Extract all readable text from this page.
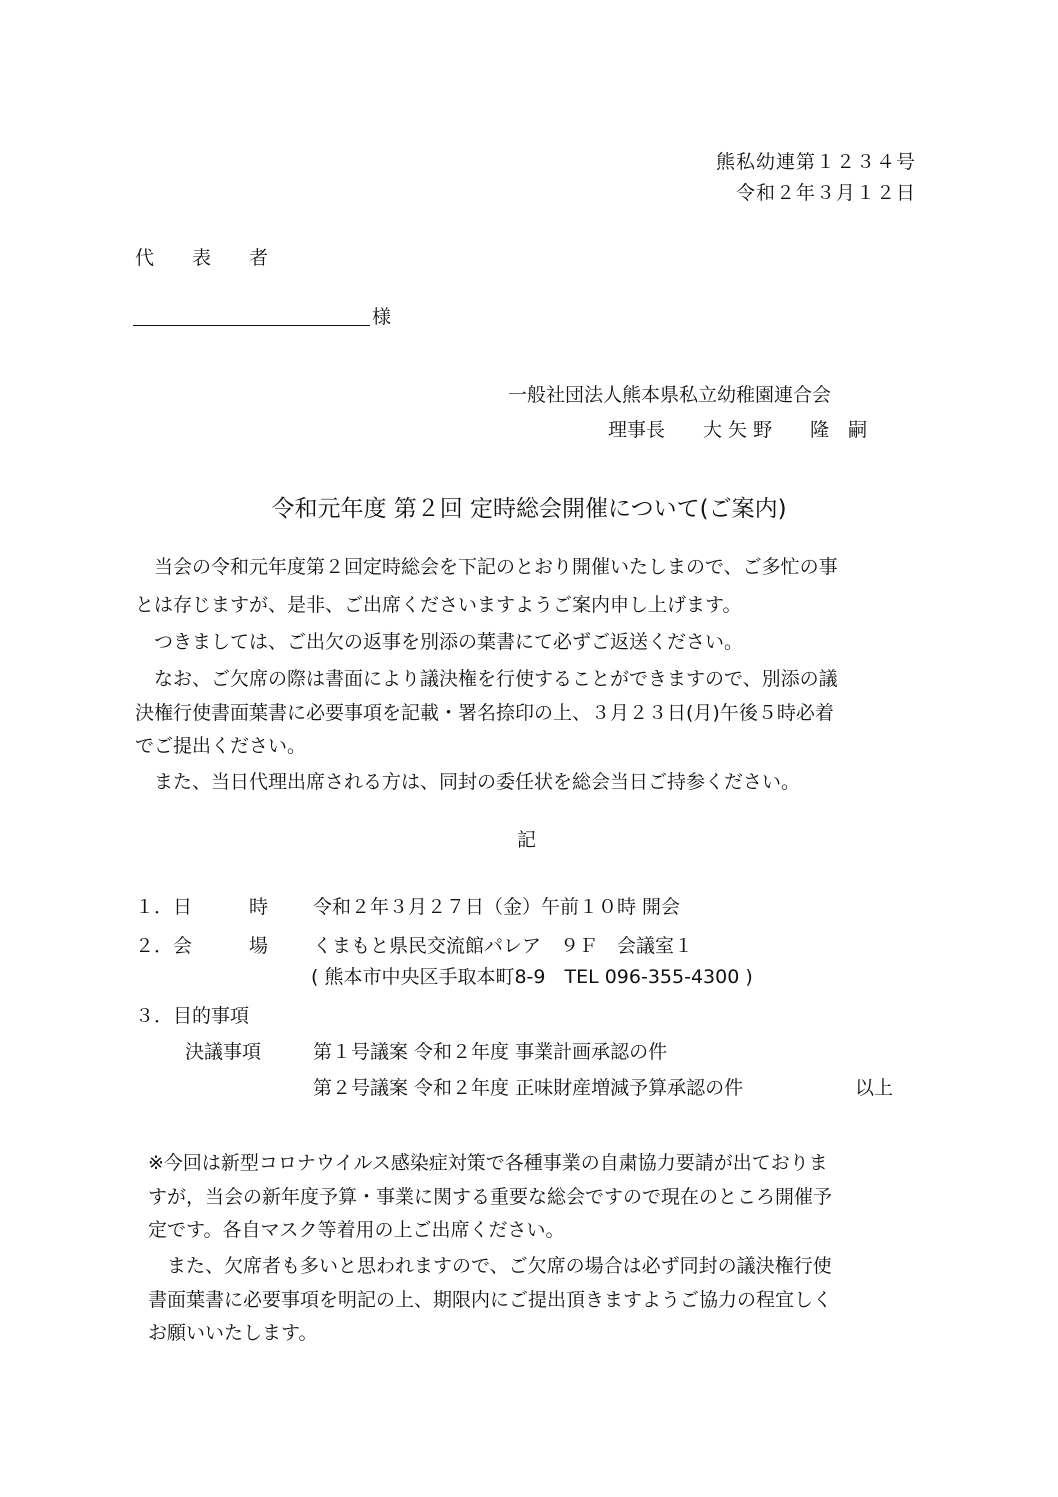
熊私幼連第１２３４号
令和２年３月１２日
代　　表　　者
様
一般社団法人熊本県私立幼稚園連合会
理事長　　大 矢 野　　隆　嗣
令和元年度 第２回 定時総会開催について(ご案内)
　当会の令和元年度第２回定時総会を下記のとおり開催いたしまので、ご多忙の事
とは存じますが、是非、ご出席くださいますようご案内申し上げます。
　つきましては、ご出欠の返事を別添の葉書にて必ずご返送ください。
　なお、ご欠席の際は書面により議決権を行使することができますので、別添の議
決権行使書面葉書に必要事項を記載・署名捺印の上、３月２３日(月)午後５時必着
でご提出ください。
　また、当日代理出席される方は、同封の委任状を総会当日ご持参ください。
記
１．日　　　時 令和２年３月２７日（金）午前１０時 開会
２．会　　　場 くまもと県民交流館パレア　９Ｆ　会議室１
( 熊本市中央区手取本町8-9　TEL 096-355-4300 )
３．目的事項
決議事項	第１号議案 令和２年度 事業計画承認の件
第２号議案 令和２年度 正味財産増減予算承認の件	以上
※今回は新型コロナウイルス感染症対策で各種事業の自粛協力要請が出ておりま
すが，当会の新年度予算・事業に関する重要な総会ですので現在のところ開催予
定です。各自マスク等着用の上ご出席ください。
　また、欠席者も多いと思われますので、ご欠席の場合は必ず同封の議決権行使
書面葉書に必要事項を明記の上、期限内にご提出頂きますようご協力の程宜しく
お願いいたします。
